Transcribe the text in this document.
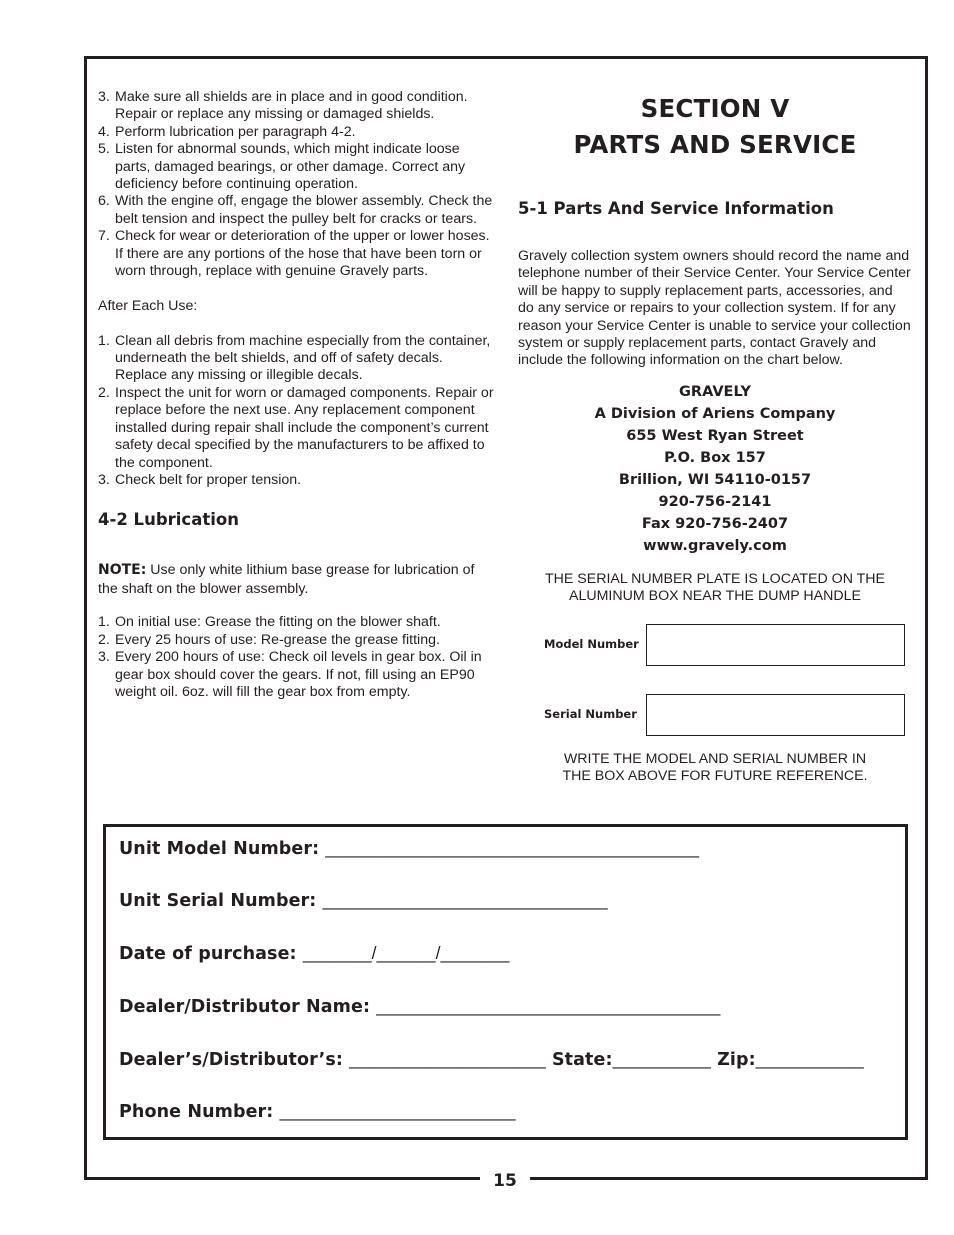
3. Make sure all shields are in place and in good condition. Repair or replace any missing or damaged shields.
4. Perform lubrication per paragraph 4-2.
5. Listen for abnormal sounds, which might indicate loose parts, damaged bearings, or other damage. Correct any deficiency before continuing operation.
6. With the engine off, engage the blower assembly. Check the belt tension and inspect the pulley belt for cracks or tears.
7. Check for wear or deterioration of the upper or lower hoses. If there are any portions of the hose that have been torn or worn through, replace with genuine Gravely parts.

After Each Use:

1. Clean all debris from machine especially from the container, underneath the belt shields, and off of safety decals. Replace any missing or illegible decals.
2. Inspect the unit for worn or damaged components. Repair or replace before the next use. Any replacement component installed during repair shall include the component’s current safety decal specified by the manufacturers to be affixed to the component.
3. Check belt for proper tension.
4-2 Lubrication

NOTE: Use only white lithium base grease for lubrication of the shaft on the blower assembly.

1. On initial use: Grease the fitting on the blower shaft.
2. Every 25 hours of use: Re-grease the grease fitting.
3. Every 200 hours of use: Check oil levels in gear box. Oil in gear box should cover the gears. If not, fill using an EP90 weight oil. 6oz. will fill the gear box from empty.
SECTION V
PARTS AND SERVICE
5-1 Parts And Service Information

Gravely collection system owners should record the name and telephone number of their Service Center. Your Service Center will be happy to supply replacement parts, accessories, and do any service or repairs to your collection system. If for any reason your Service Center is unable to service your collection system or supply replacement parts, contact Gravely and include the following information on the chart below.

GRAVELY
A Division of Ariens Company
655 West Ryan Street
P.O. Box 157
Brillion, WI 54110-0157
920-756-2141
Fax 920-756-2407
www.gravely.com
THE SERIAL NUMBER PLATE IS LOCATED ON THE
ALUMINUM BOX NEAR THE DUMP HANDLE
Model Number
Serial Number
WRITE THE MODEL AND SERIAL NUMBER IN
THE BOX ABOVE FOR FUTURE REFERENCE.
Unit Model Number: ______________________________________
Unit Serial Number: _____________________________
Date of purchase: _______/______/_______
Dealer/Distributor Name: ___________________________________
Dealer’s/Distributor’s: ____________________ State:__________ Zip:___________
Phone Number: ________________________
15
